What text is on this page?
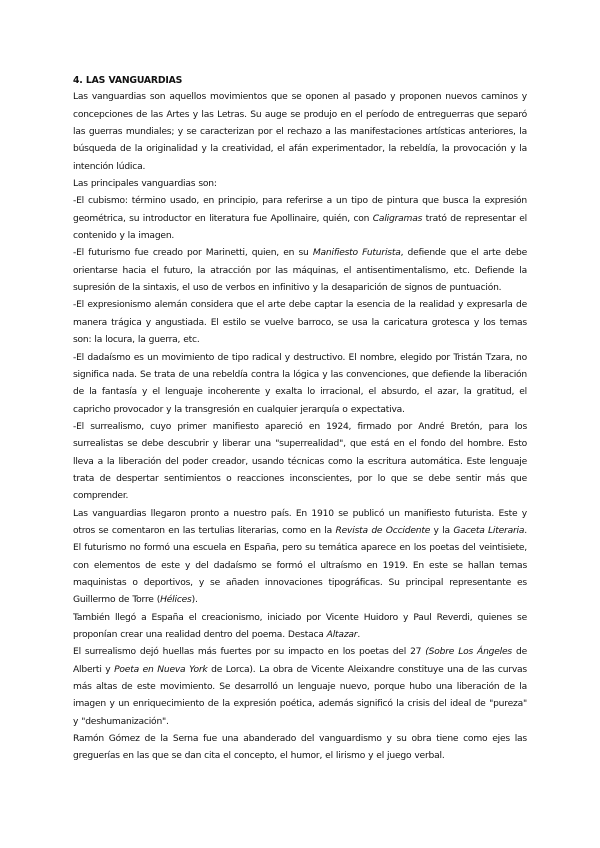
4. LAS VANGUARDIAS

Las vanguardias son aquellos movimientos que se oponen al pasado y proponen nuevos caminos y concepciones de las Artes y las Letras. Su auge se produjo en el período de entreguerras que separó las guerras mundiales; y se caracterizan por el rechazo a las manifestaciones artísticas anteriores, la búsqueda de la originalidad y la creatividad, el afán experimentador, la rebeldía, la provocación y la intención lúdica.

Las principales vanguardias son:

-El cubismo: término usado, en principio, para referirse a un tipo de pintura que busca la expresión geométrica, su introductor en literatura fue Apollinaire, quién, con Caligramas trató de representar el contenido y la imagen.

-El futurismo fue creado por Marinetti, quien, en su Manifiesto Futurista, defiende que el arte debe orientarse hacia el futuro, la atracción por las máquinas, el antisentimentalismo, etc. Defiende la supresión de la sintaxis, el uso de verbos en infinitivo y la desaparición de signos de puntuación.

-El expresionismo alemán considera que el arte debe captar la esencia de la realidad y expresarla de manera trágica y angustiada. El estilo se vuelve barroco, se usa la caricatura grotesca y los temas son: la locura, la guerra, etc.

-El dadaísmo es un movimiento de tipo radical y destructivo. El nombre, elegido por Tristán Tzara, no significa nada. Se trata de una rebeldía contra la lógica y las convenciones, que defiende la liberación de la fantasía y el lenguaje incoherente y exalta lo irracional, el absurdo, el azar, la gratitud, el capricho provocador y la transgresión en cualquier jerarquía o expectativa.

-El surrealismo, cuyo primer manifiesto apareció en 1924, firmado por André Bretón, para los surrealistas se debe descubrir y liberar una "superrealidad", que está en el fondo del hombre. Esto lleva a la liberación del poder creador, usando técnicas como la escritura automática. Este lenguaje trata de despertar sentimientos o reacciones inconscientes, por lo que se debe sentir más que comprender.

Las vanguardias llegaron pronto a nuestro país. En 1910 se publicó un manifiesto futurista. Este y otros se comentaron en las tertulias literarias, como en la Revista de Occidente y la Gaceta Literaria. El futurismo no formó una escuela en España, pero su temática aparece en los poetas del veintisiete, con elementos de este y del dadaísmo se formó el ultraísmo en 1919. En este se hallan temas maquinistas o deportivos, y se añaden innovaciones tipográficas. Su principal representante es Guillermo de Torre (Hélices).

También llegó a España el creacionismo, iniciado por Vicente Huidoro y Paul Reverdi, quienes se proponían crear una realidad dentro del poema. Destaca Altazar.

El surrealismo dejó huellas más fuertes por su impacto en los poetas del 27 (Sobre Los Ángeles de Alberti y Poeta en Nueva York de Lorca). La obra de Vicente Aleixandre constituye una de las curvas más altas de este movimiento. Se desarrolló un lenguaje nuevo, porque hubo una liberación de la imagen y un enriquecimiento de la expresión poética, además significó la crisis del ideal de "pureza" y "deshumanización".

Ramón Gómez de la Serna fue una abanderado del vanguardismo y su obra tiene como ejes las greguerías en las que se dan cita el concepto, el humor, el lirismo y el juego verbal.
